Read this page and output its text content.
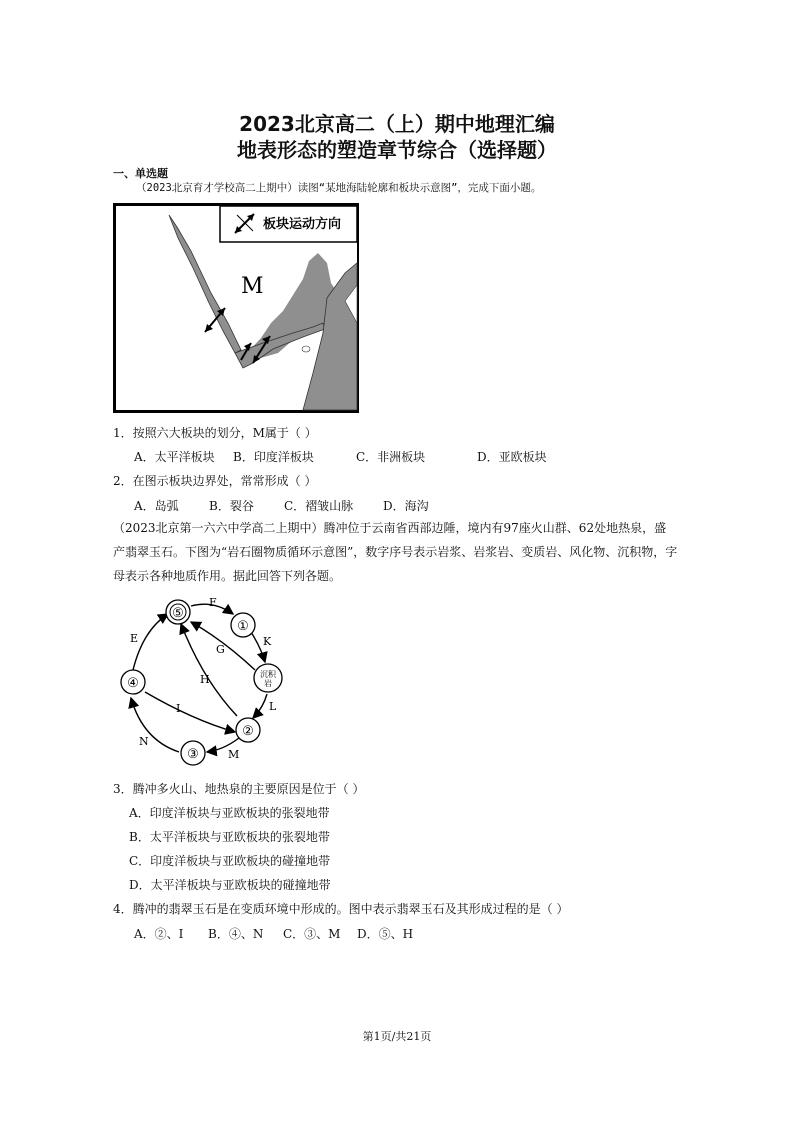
2023北京高二（上）期中地理汇编
地表形态的塑造章节综合（选择题）
一、单选题
（2023北京育才学校高二上期中）读图“某地海陆轮廓和板块示意图”，完成下面小题。
板块运动方向
M
1．按照六大板块的划分，M属于（ ）
A．太平洋板块 B．印度洋板块	C．非洲板块	D．亚欧板块
2．在图示板块边界处，常常形成（ ）
A．岛弧	B．裂谷	C．褶皱山脉 D．海沟
（2023北京第一六六中学高二上期中）腾冲位于云南省西部边陲，境内有97座火山群、62处地热泉，盛
产翡翠玉石。下图为“岩石圈物质循环示意图”，数字序号表示岩浆、岩浆岩、变质岩、风化物、沉积物，字
母表示各种地质作用。据此回答下列各题。
⑤
①
④
沉积
岩
②
③
F
K
E
G
H
L
I
N
M
3．腾冲多火山、地热泉的主要原因是位于（ ）
A．印度洋板块与亚欧板块的张裂地带
B．太平洋板块与亚欧板块的张裂地带
C．印度洋板块与亚欧板块的碰撞地带
D．太平洋板块与亚欧板块的碰撞地带
4．腾冲的翡翠玉石是在变质环境中形成的。图中表示翡翠玉石及其形成过程的是（ ）
A．②、I B．④、N C．③、M D．⑤、H
第1页/共21页
